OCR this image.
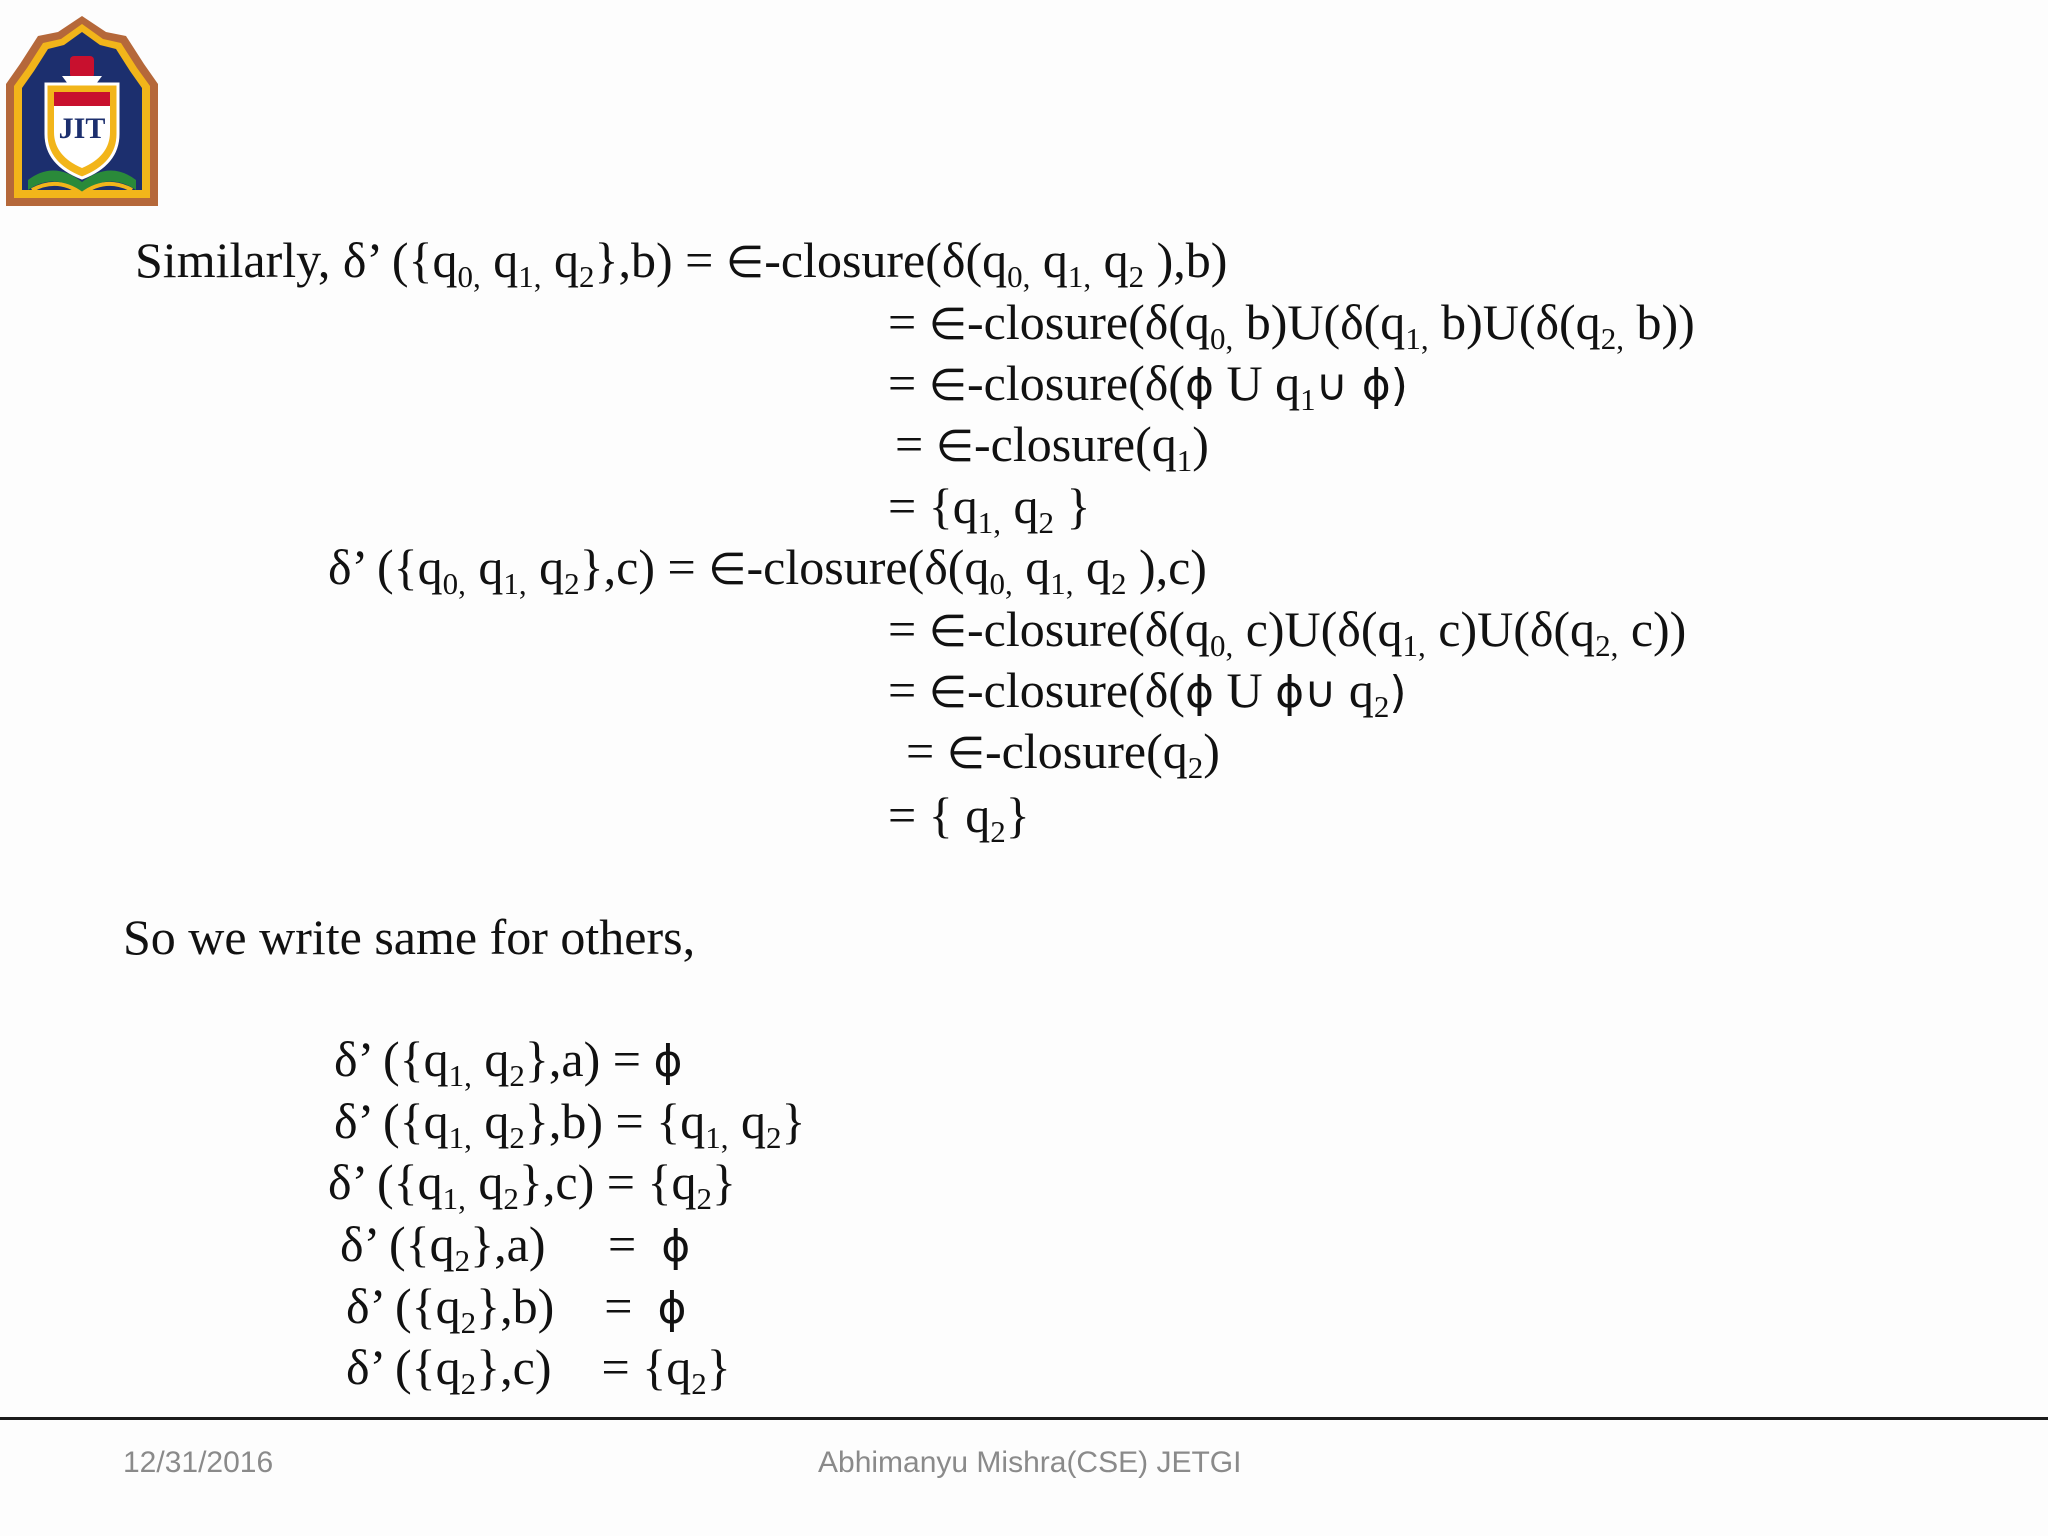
JIT
Similarly, δ’ ({$q_{0,}$ $q_{1,}$ $q_2\},b$) = $\in-closure(\delta(q_{0,}$ $q_{1,}$ $q_2$ ),b)
= $\in-closure(\delta(q_{0,}$ $b)U(\delta(q_{1,}$ $b)U(\delta(q_{2,}$ b))
= ∈-closure(δ(ϕ U $q_1\cup$ ϕ)
= $\in-closure(q_1)$
= {$q_{1,}$ $q_2$ }
δ’ ({$q_{0,}$ $q_{1,}$ $q_2\},c$) = $\in-closure(\delta(q_{0,}$ $q_{1,}$ $q_2$ ),c)
= $\in-closure(\delta(q_{0,}$ $c)U(\delta(q_{1,}$ $c)U(\delta(q_{2,}$ c))
= ∈-closure(δ(ϕ U ϕ∪ $q_2$)
= $\in-closure(q_2)$
= { $q_2$}
So we write same for others,
δ’ ({$q_{1,}$ $q_2\},a) = \phi$
δ’ ({$q_{1,}$ $q_2\},b) = \{q_{1,}$ $q_2$}
δ’ ({$q_{1,}$ $q_2\},c) = \{q_2\}$
δ’ $(\{q_2\},a)$     =  ϕ
δ’ $(\{q_2\},b)$    =  ϕ
δ’ $(\{q_2\},c)$    = $\{q_2\}$
12/31/2016	Abhimanyu Mishra(CSE) JETGI
